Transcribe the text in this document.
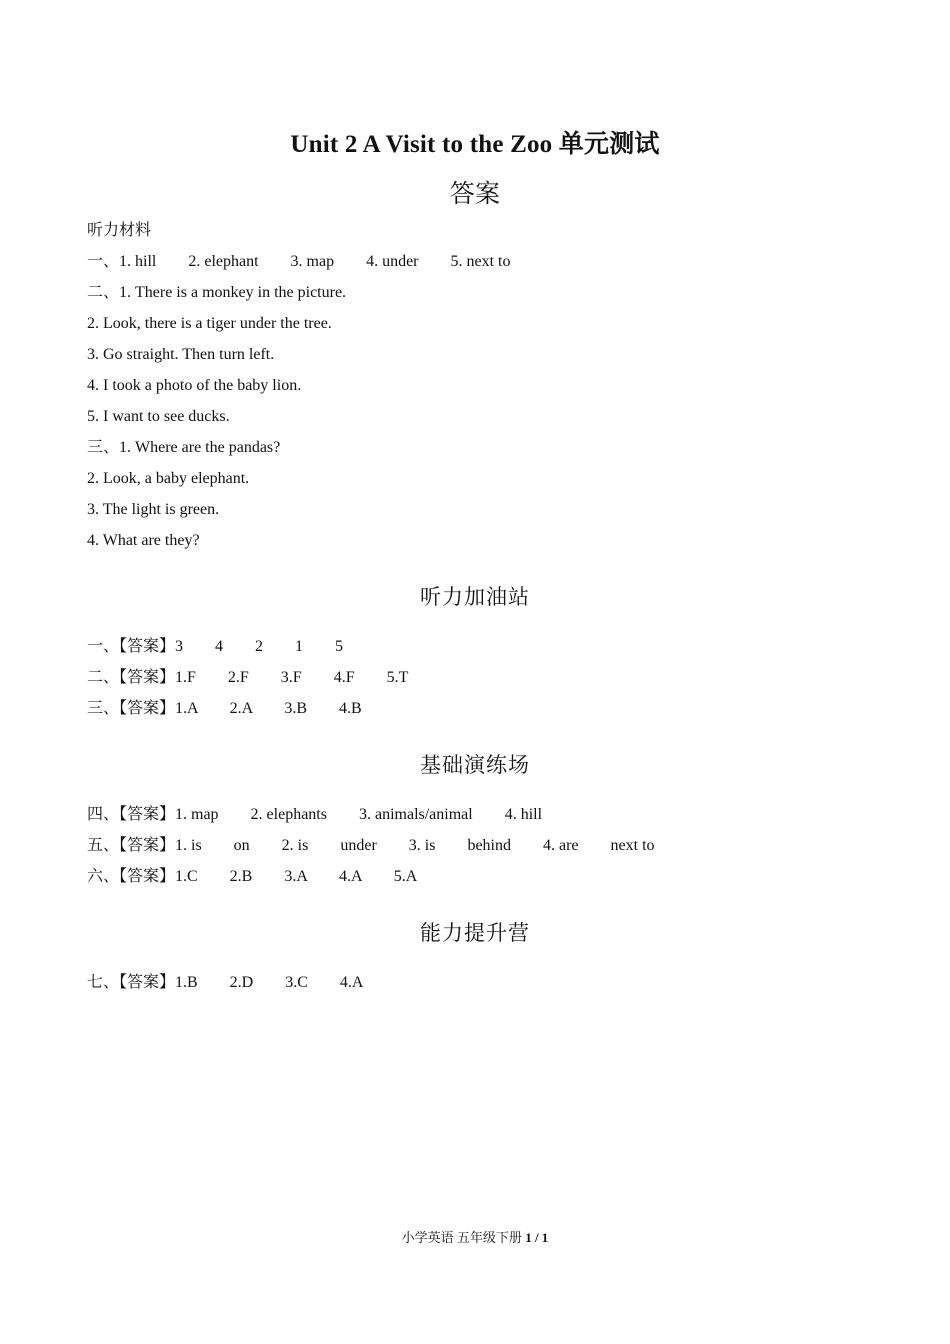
Unit 2 A Visit to the Zoo 单元测试
答案
听力材料
一、1. hill        2. elephant        3. map        4. under        5. next to
二、1. There is a monkey in the picture.
2. Look, there is a tiger under the tree.
3. Go straight. Then turn left.
4. I took a photo of the baby lion.
5. I want to see ducks.
三、1. Where are the pandas?
2. Look, a baby elephant.
3. The light is green.
4. What are they?
听力加油站
一、【答案】3        4        2        1        5
二、【答案】1.F        2.F        3.F        4.F        5.T
三、【答案】1.A        2.A        3.B        4.B
基础演练场
四、【答案】1. map        2. elephants        3. animals/animal        4. hill
五、【答案】1. is        on        2. is        under        3. is        behind        4. are        next to
六、【答案】1.C        2.B        3.A        4.A        5.A
能力提升营
七、【答案】1.B        2.D        3.C        4.A
小学英语 五年级下册 1 / 1
